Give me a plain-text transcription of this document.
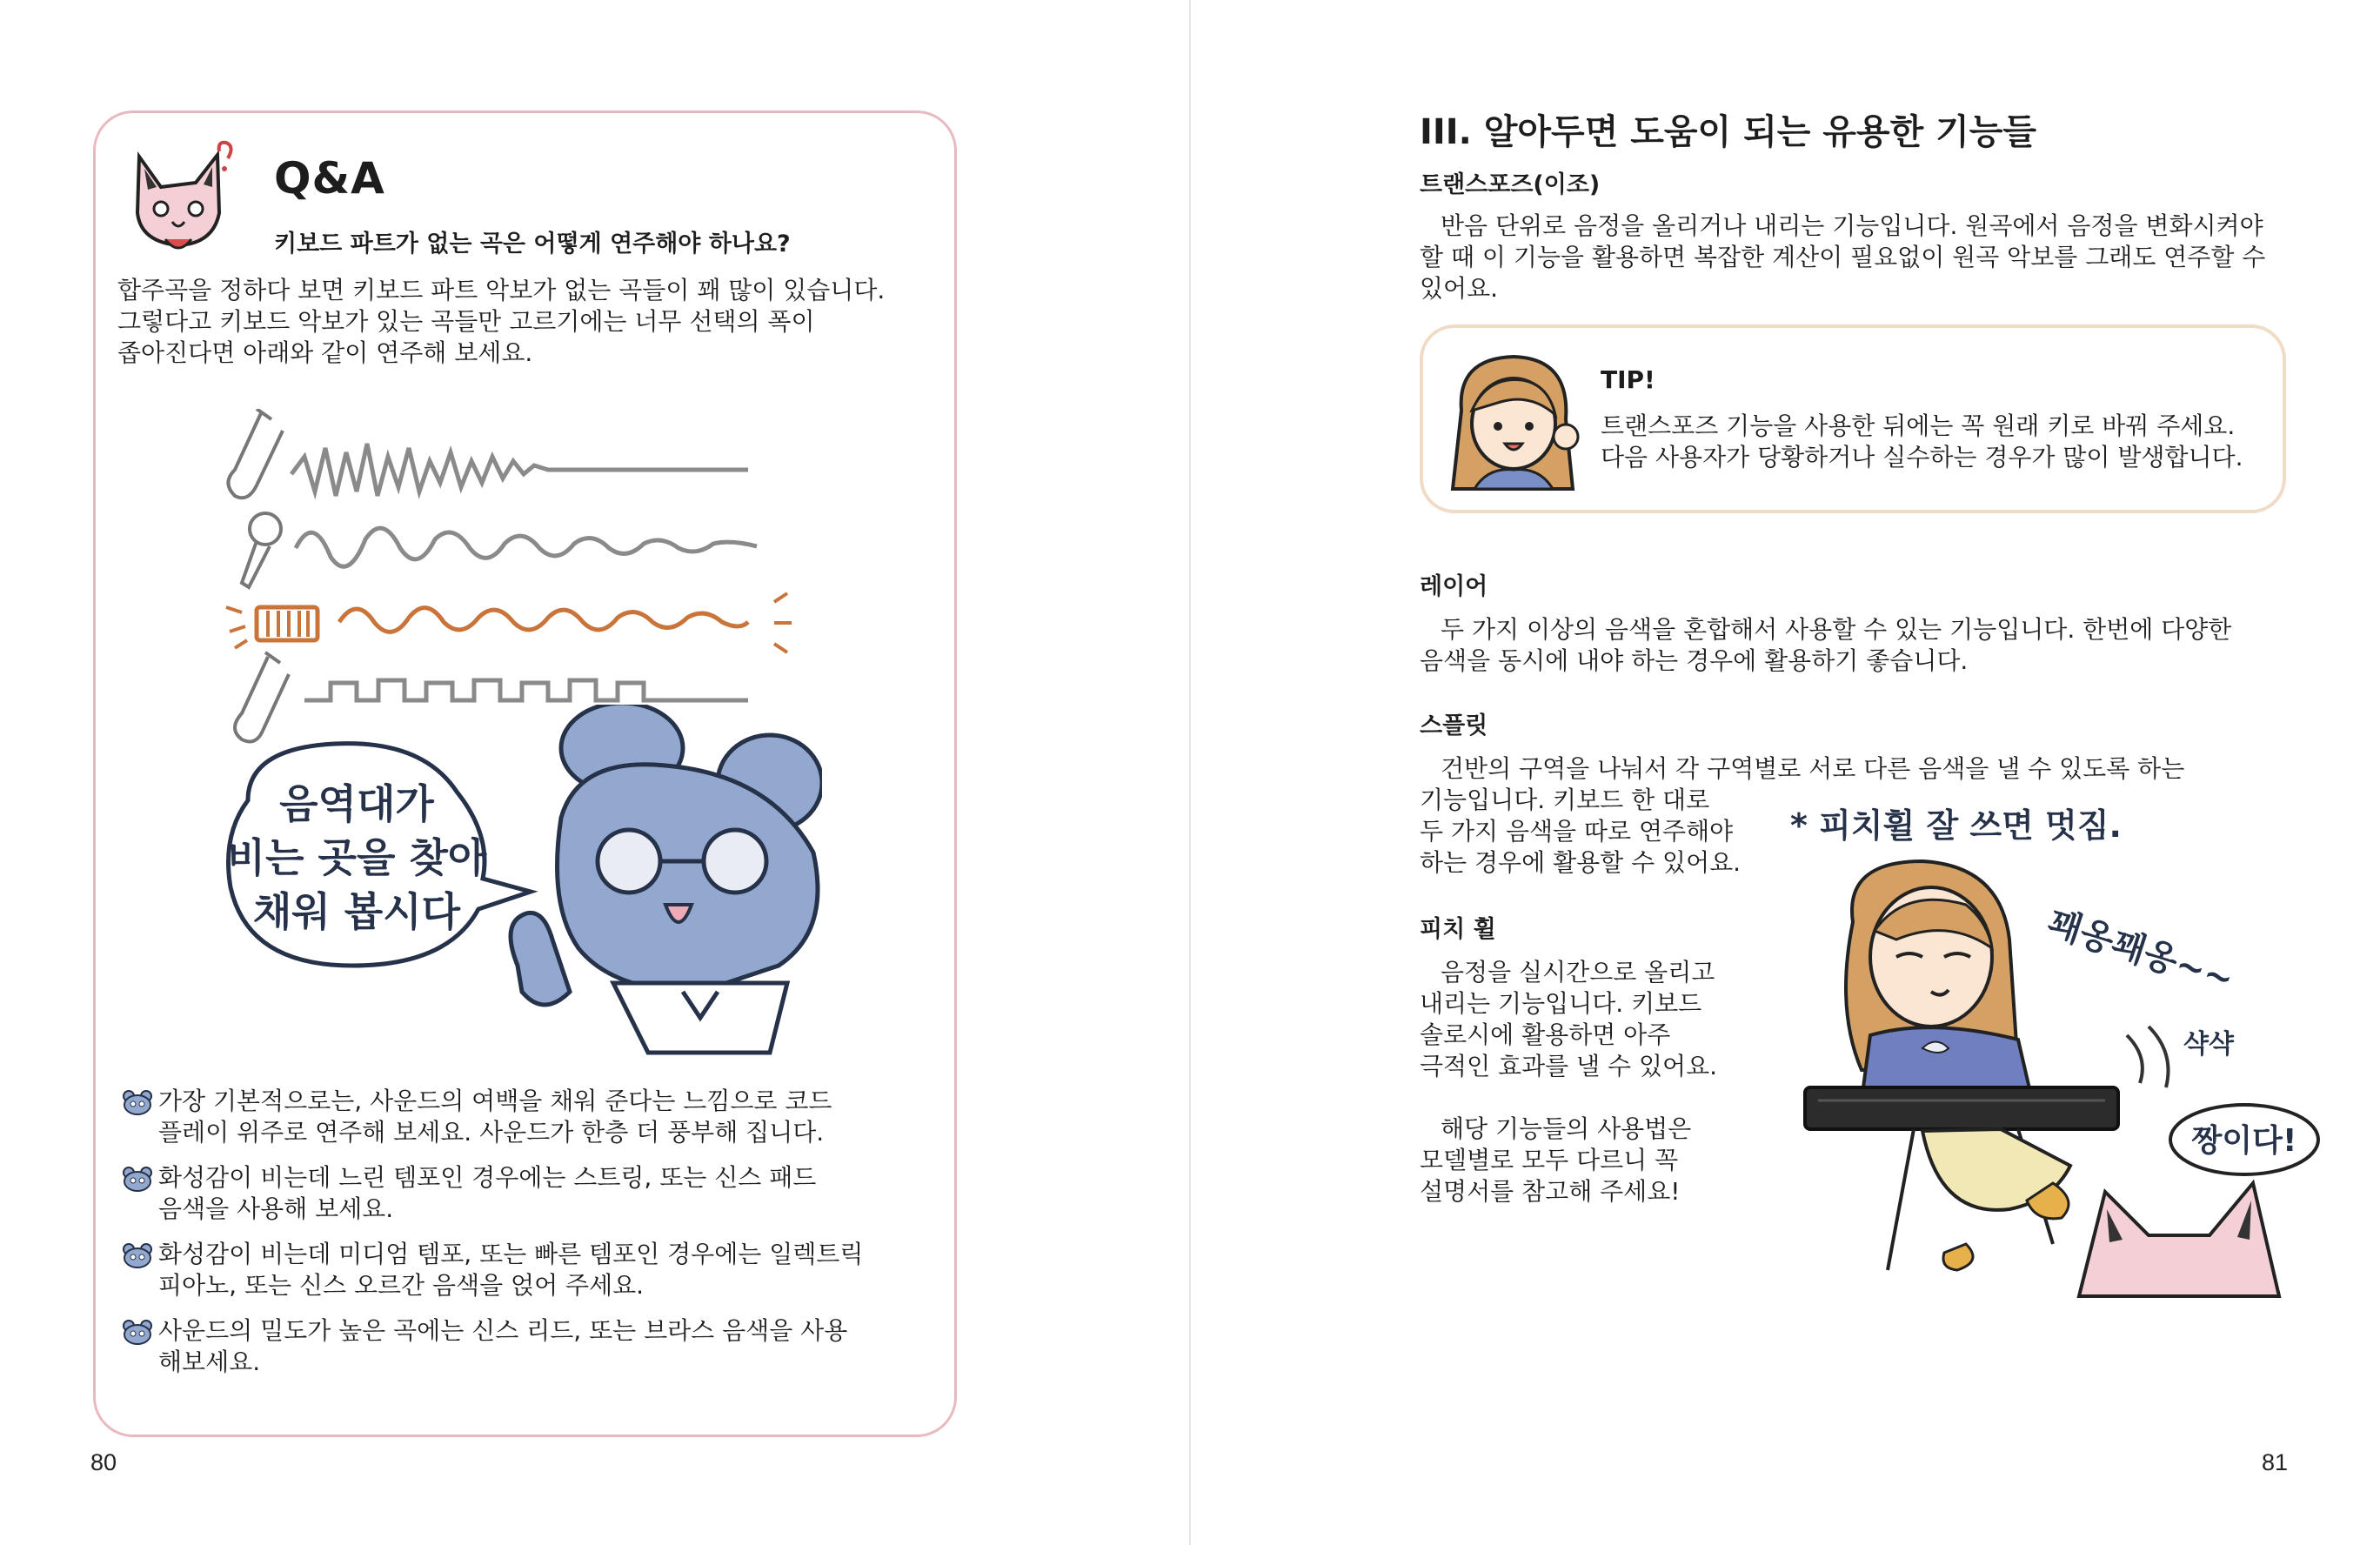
Q&A
키보드 파트가 없는 곡은 어떻게 연주해야 하나요?
합주곡을 정하다 보면 키보드 파트 악보가 없는 곡들이 꽤 많이 있습니다.
그렇다고 키보드 악보가 있는 곡들만 고르기에는 너무 선택의 폭이
좁아진다면 아래와 같이 연주해 보세요.
음역대가
비는 곳을 찾아
채워 봅시다
가장 기본적으로는, 사운드의 여백을 채워 준다는 느낌으로 코드
플레이 위주로 연주해 보세요. 사운드가 한층 더 풍부해 집니다.
화성감이 비는데 느린 템포인 경우에는 스트링, 또는 신스 패드
음색을 사용해 보세요.
화성감이 비는데 미디엄 템포, 또는 빠른 템포인 경우에는 일렉트릭
피아노, 또는 신스 오르간 음색을 얹어 주세요.
사운드의 밀도가 높은 곡에는 신스 리드, 또는 브라스 음색을 사용
해보세요.
80
III. 알아두면 도움이 되는 유용한 기능들
트랜스포즈(이조)
반음 단위로 음정을 올리거나 내리는 기능입니다. 원곡에서 음정을 변화시켜야
할 때 이 기능을 활용하면 복잡한 계산이 필요없이 원곡 악보를 그래도 연주할 수
있어요.
TIP!
트랜스포즈 기능을 사용한 뒤에는 꼭 원래 키로 바꿔 주세요.
다음 사용자가 당황하거나 실수하는 경우가 많이 발생합니다.
레이어
두 가지 이상의 음색을 혼합해서 사용할 수 있는 기능입니다. 한번에 다양한
음색을 동시에 내야 하는 경우에 활용하기 좋습니다.
스플릿
건반의 구역을 나눠서 각 구역별로 서로 다른 음색을 낼 수 있도록 하는
기능입니다. 키보드 한 대로
두 가지 음색을 따로 연주해야
하는 경우에 활용할 수 있어요.
피치 휠
음정을 실시간으로 올리고
내리는 기능입니다. 키보드
솔로시에 활용하면 아주
극적인 효과를 낼 수 있어요.
해당 기능들의 사용법은
모델별로 모두 다르니 꼭
설명서를 참고해 주세요!
* 피치휠 잘 쓰면 멋짐.
꽤옹꽤옹~~
샥샥
짱이다!
81
